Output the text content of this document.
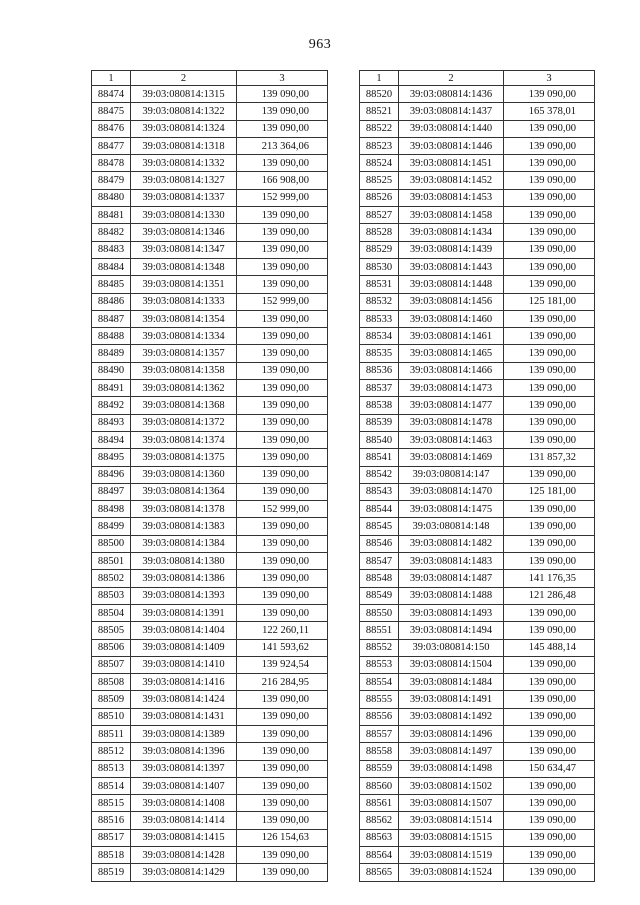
963
1	2	3
88474	39:03:080814:1315	139 090,00
88475	39:03:080814:1322	139 090,00
88476	39:03:080814:1324	139 090,00
88477	39:03:080814:1318	213 364,06
88478	39:03:080814:1332	139 090,00
88479	39:03:080814:1327	166 908,00
88480	39:03:080814:1337	152 999,00
88481	39:03:080814:1330	139 090,00
88482	39:03:080814:1346	139 090,00
88483	39:03:080814:1347	139 090,00
88484	39:03:080814:1348	139 090,00
88485	39:03:080814:1351	139 090,00
88486	39:03:080814:1333	152 999,00
88487	39:03:080814:1354	139 090,00
88488	39:03:080814:1334	139 090,00
88489	39:03:080814:1357	139 090,00
88490	39:03:080814:1358	139 090,00
88491	39:03:080814:1362	139 090,00
88492	39:03:080814:1368	139 090,00
88493	39:03:080814:1372	139 090,00
88494	39:03:080814:1374	139 090,00
88495	39:03:080814:1375	139 090,00
88496	39:03:080814:1360	139 090,00
88497	39:03:080814:1364	139 090,00
88498	39:03:080814:1378	152 999,00
88499	39:03:080814:1383	139 090,00
88500	39:03:080814:1384	139 090,00
88501	39:03:080814:1380	139 090,00
88502	39:03:080814:1386	139 090,00
88503	39:03:080814:1393	139 090,00
88504	39:03:080814:1391	139 090,00
88505	39:03:080814:1404	122 260,11
88506	39:03:080814:1409	141 593,62
88507	39:03:080814:1410	139 924,54
88508	39:03:080814:1416	216 284,95
88509	39:03:080814:1424	139 090,00
88510	39:03:080814:1431	139 090,00
88511	39:03:080814:1389	139 090,00
88512	39:03:080814:1396	139 090,00
88513	39:03:080814:1397	139 090,00
88514	39:03:080814:1407	139 090,00
88515	39:03:080814:1408	139 090,00
88516	39:03:080814:1414	139 090,00
88517	39:03:080814:1415	126 154,63
88518	39:03:080814:1428	139 090,00
88519	39:03:080814:1429	139 090,00
1	2	3
88520	39:03:080814:1436	139 090,00
88521	39:03:080814:1437	165 378,01
88522	39:03:080814:1440	139 090,00
88523	39:03:080814:1446	139 090,00
88524	39:03:080814:1451	139 090,00
88525	39:03:080814:1452	139 090,00
88526	39:03:080814:1453	139 090,00
88527	39:03:080814:1458	139 090,00
88528	39:03:080814:1434	139 090,00
88529	39:03:080814:1439	139 090,00
88530	39:03:080814:1443	139 090,00
88531	39:03:080814:1448	139 090,00
88532	39:03:080814:1456	125 181,00
88533	39:03:080814:1460	139 090,00
88534	39:03:080814:1461	139 090,00
88535	39:03:080814:1465	139 090,00
88536	39:03:080814:1466	139 090,00
88537	39:03:080814:1473	139 090,00
88538	39:03:080814:1477	139 090,00
88539	39:03:080814:1478	139 090,00
88540	39:03:080814:1463	139 090,00
88541	39:03:080814:1469	131 857,32
88542	39:03:080814:147	139 090,00
88543	39:03:080814:1470	125 181,00
88544	39:03:080814:1475	139 090,00
88545	39:03:080814:148	139 090,00
88546	39:03:080814:1482	139 090,00
88547	39:03:080814:1483	139 090,00
88548	39:03:080814:1487	141 176,35
88549	39:03:080814:1488	121 286,48
88550	39:03:080814:1493	139 090,00
88551	39:03:080814:1494	139 090,00
88552	39:03:080814:150	145 488,14
88553	39:03:080814:1504	139 090,00
88554	39:03:080814:1484	139 090,00
88555	39:03:080814:1491	139 090,00
88556	39:03:080814:1492	139 090,00
88557	39:03:080814:1496	139 090,00
88558	39:03:080814:1497	139 090,00
88559	39:03:080814:1498	150 634,47
88560	39:03:080814:1502	139 090,00
88561	39:03:080814:1507	139 090,00
88562	39:03:080814:1514	139 090,00
88563	39:03:080814:1515	139 090,00
88564	39:03:080814:1519	139 090,00
88565	39:03:080814:1524	139 090,00
